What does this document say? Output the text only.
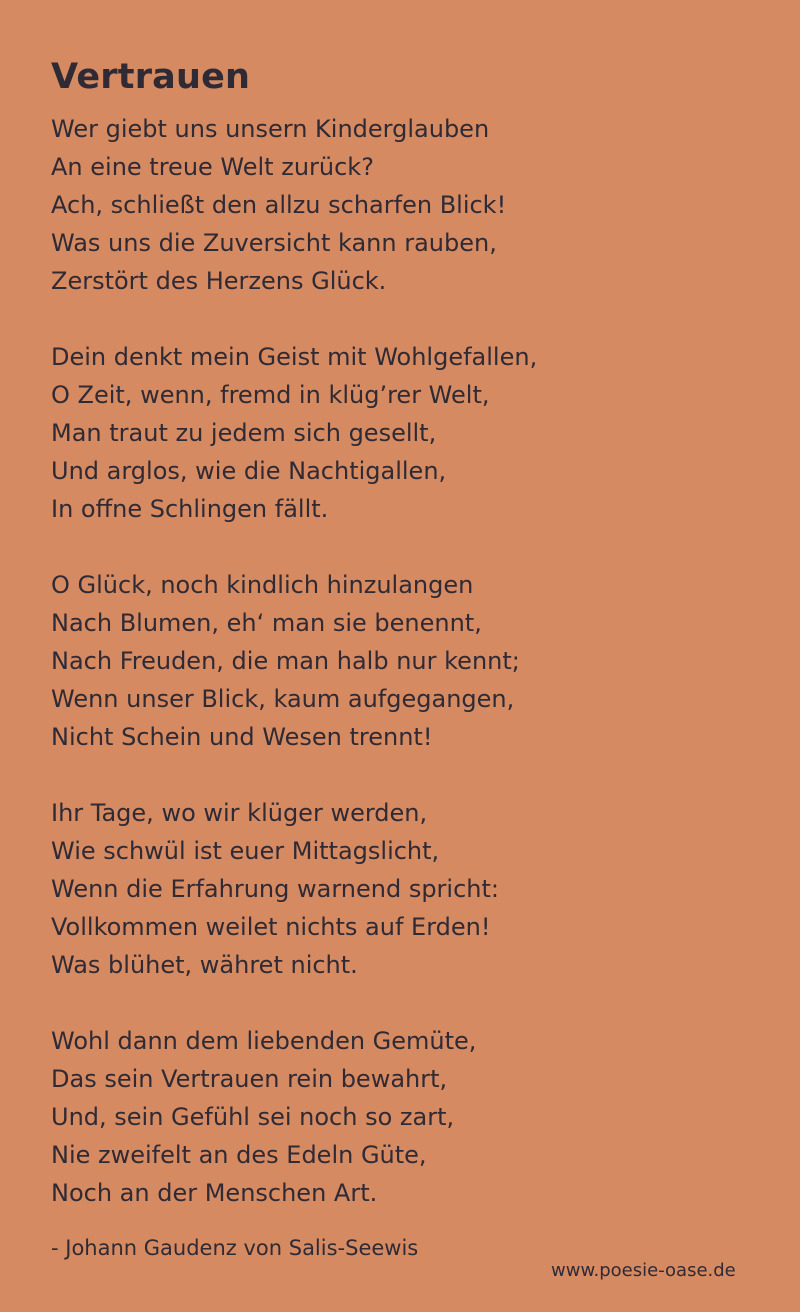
Vertrauen
Wer giebt uns unsern Kinderglauben
An eine treue Welt zurück?
Ach, schließt den allzu scharfen Blick!
Was uns die Zuversicht kann rauben,
Zerstört des Herzens Glück.
Dein denkt mein Geist mit Wohlgefallen,
O Zeit, wenn, fremd in klüg’rer Welt,
Man traut zu jedem sich gesellt,
Und arglos, wie die Nachtigallen,
In offne Schlingen fällt.
O Glück, noch kindlich hinzulangen
Nach Blumen, eh‘ man sie benennt,
Nach Freuden, die man halb nur kennt;
Wenn unser Blick, kaum aufgegangen,
Nicht Schein und Wesen trennt!
Ihr Tage, wo wir klüger werden,
Wie schwül ist euer Mittagslicht,
Wenn die Erfahrung warnend spricht:
Vollkommen weilet nichts auf Erden!
Was blühet, währet nicht.
Wohl dann dem liebenden Gemüte,
Das sein Vertrauen rein bewahrt,
Und, sein Gefühl sei noch so zart,
Nie zweifelt an des Edeln Güte,
Noch an der Menschen Art.
- Johann Gaudenz von Salis-Seewis
www.poesie-oase.de
